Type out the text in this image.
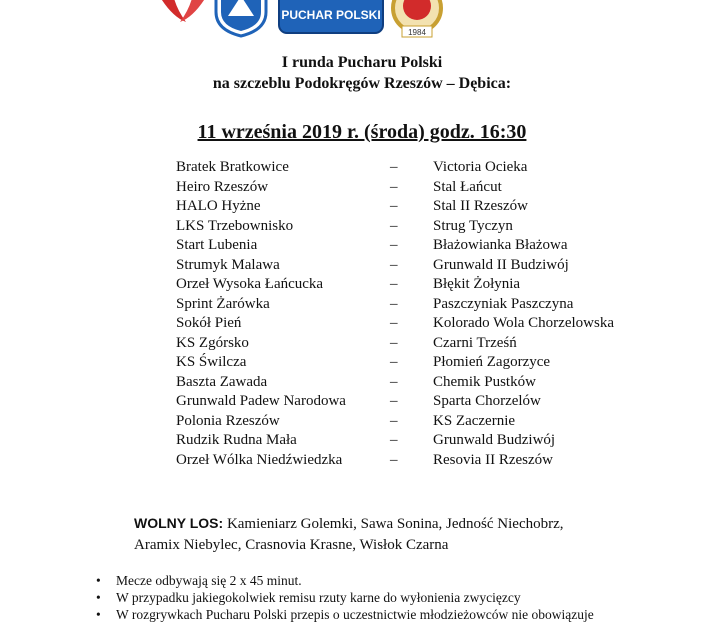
PUCHAR POLSKI
1984
I runda Pucharu Polski
na szczeblu Podokręgów Rzeszów – Dębica:
11 września 2019 r. (środa) godz. 16:30
Bratek Bratkowice	– Victoria Ocieka
Heiro Rzeszów	– Stal Łańcut
HALO Hyżne	– Stal II Rzeszów
LKS Trzebownisko	– Strug Tyczyn
Start Lubenia	– Błażowianka Błażowa
Strumyk Malawa	– Grunwald II Budziwój
Orzeł Wysoka Łańcucka	– Błękit Żołynia
Sprint Żarówka	– Paszczyniak Paszczyna
Sokół Pień	– Kolorado Wola Chorzelowska
KS Zgórsko	– Czarni Trześń
KS Świlcza	– Płomień Zagorzyce
Baszta Zawada	– Chemik Pustków
Grunwald Padew Narodowa	– Sparta Chorzelów
Polonia Rzeszów	– KS Zaczernie
Rudzik Rudna Mała	– Grunwald Budziwój
Orzeł Wólka Niedźwiedzka	– Resovia II Rzeszów
WOLNY LOS: Kamieniarz Golemki, Sawa Sonina, Jedność Niechobrz,
Aramix Niebylec, Crasnovia Krasne, Wisłok Czarna
• Mecze odbywają się 2 x 45 minut.
• W przypadku jakiegokolwiek remisu rzuty karne do wyłonienia zwycięzcy
• W rozgrywkach Pucharu Polski przepis o uczestnictwie młodzieżowców nie obowiązuje
